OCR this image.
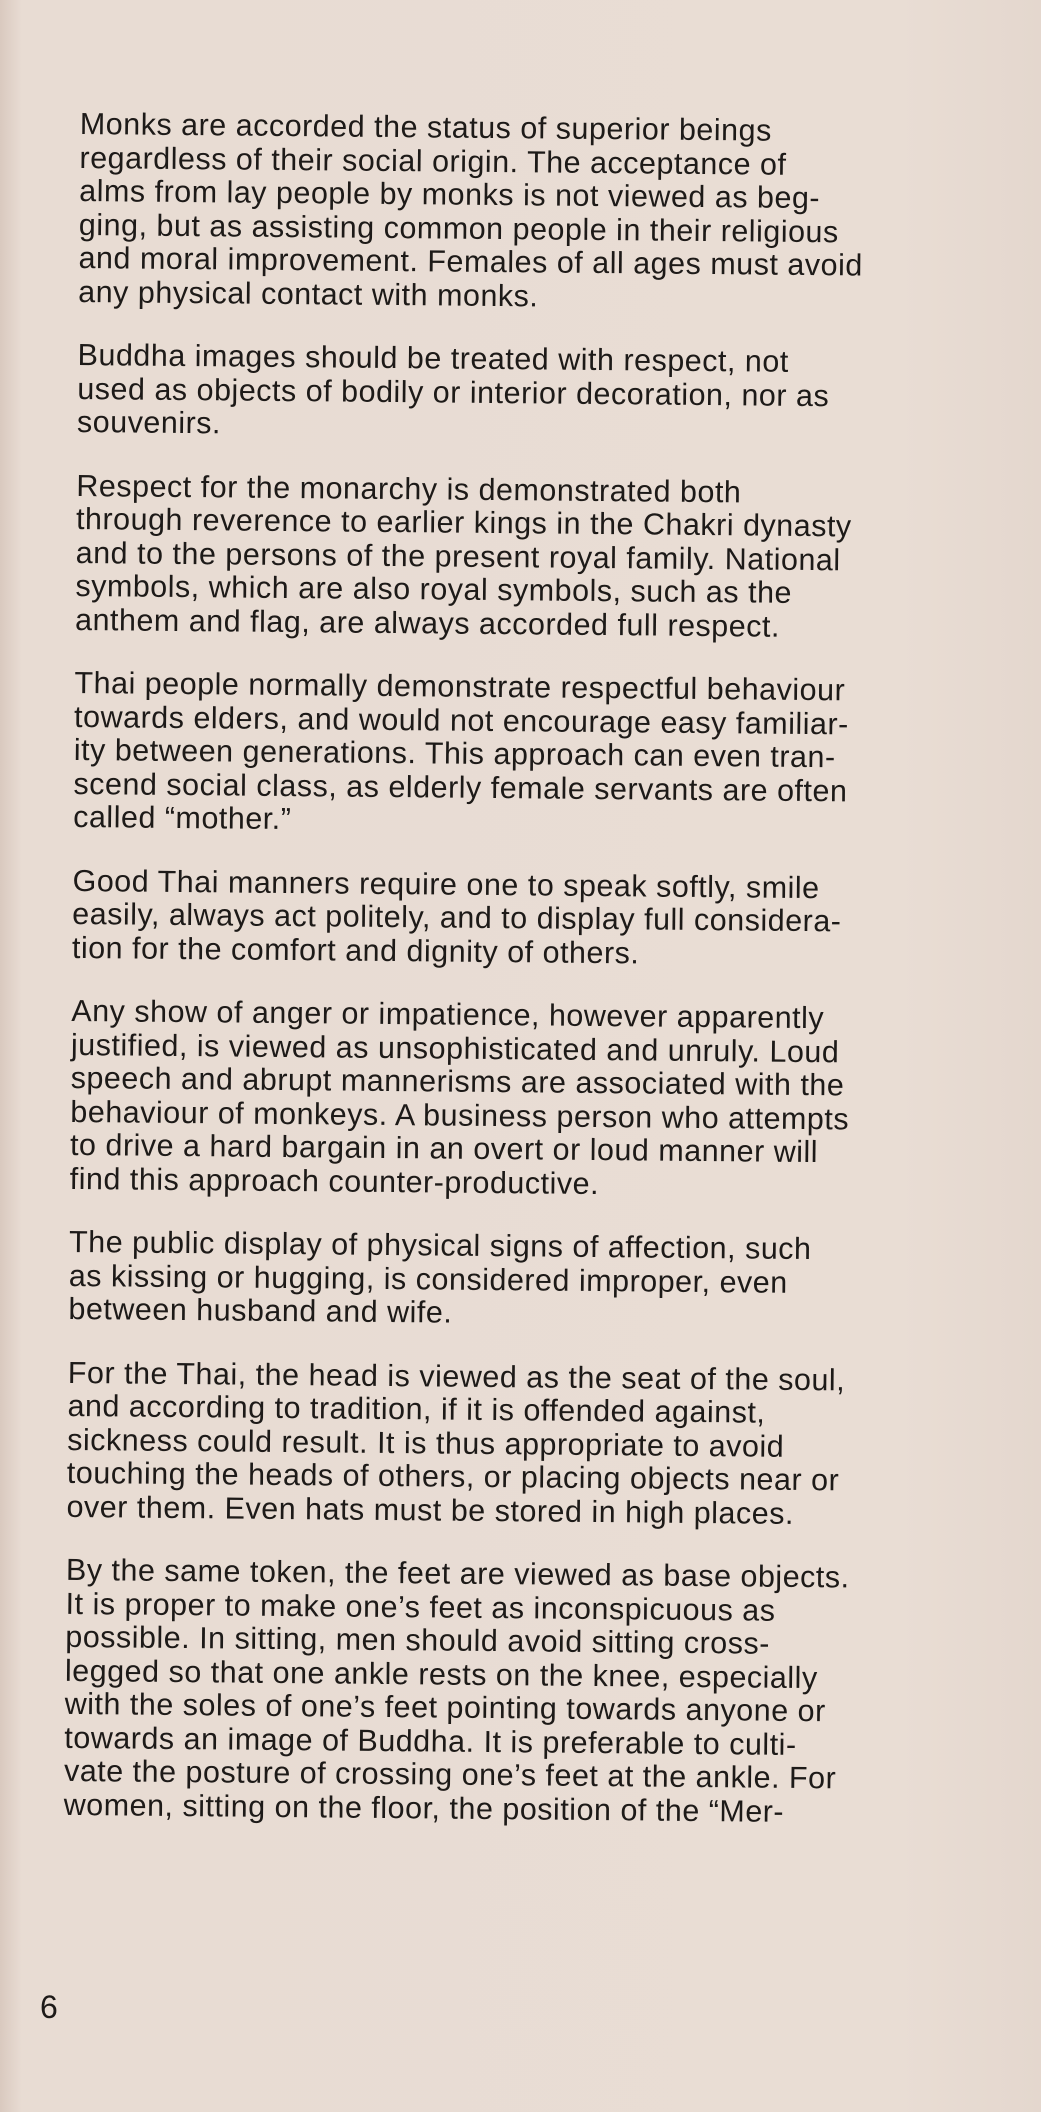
Monks are accorded the status of superior beings
regardless of their social origin. The acceptance of
alms from lay people by monks is not viewed as beg-
ging, but as assisting common people in their religious
and moral improvement. Females of all ages must avoid
any physical contact with monks.

Buddha images should be treated with respect, not
used as objects of bodily or interior decoration, nor as
souvenirs.

Respect for the monarchy is demonstrated both
through reverence to earlier kings in the Chakri dynasty
and to the persons of the present royal family. National
symbols, which are also royal symbols, such as the
anthem and flag, are always accorded full respect.

Thai people normally demonstrate respectful behaviour
towards elders, and would not encourage easy familiar-
ity between generations. This approach can even tran-
scend social class, as elderly female servants are often
called “mother.”

Good Thai manners require one to speak softly, smile
easily, always act politely, and to display full considera-
tion for the comfort and dignity of others.

Any show of anger or impatience, however apparently
justified, is viewed as unsophisticated and unruly. Loud
speech and abrupt mannerisms are associated with the
behaviour of monkeys. A business person who attempts
to drive a hard bargain in an overt or loud manner will
find this approach counter-productive.

The public display of physical signs of affection, such
as kissing or hugging, is considered improper, even
between husband and wife.

For the Thai, the head is viewed as the seat of the soul,
and according to tradition, if it is offended against,
sickness could result. It is thus appropriate to avoid
touching the heads of others, or placing objects near or
over them. Even hats must be stored in high places.

By the same token, the feet are viewed as base objects.
It is proper to make one’s feet as inconspicuous as
possible. In sitting, men should avoid sitting cross-
legged so that one ankle rests on the knee, especially
with the soles of one’s feet pointing towards anyone or
towards an image of Buddha. It is preferable to culti-
vate the posture of crossing one’s feet at the ankle. For
women, sitting on the floor, the position of the “Mer-

6
